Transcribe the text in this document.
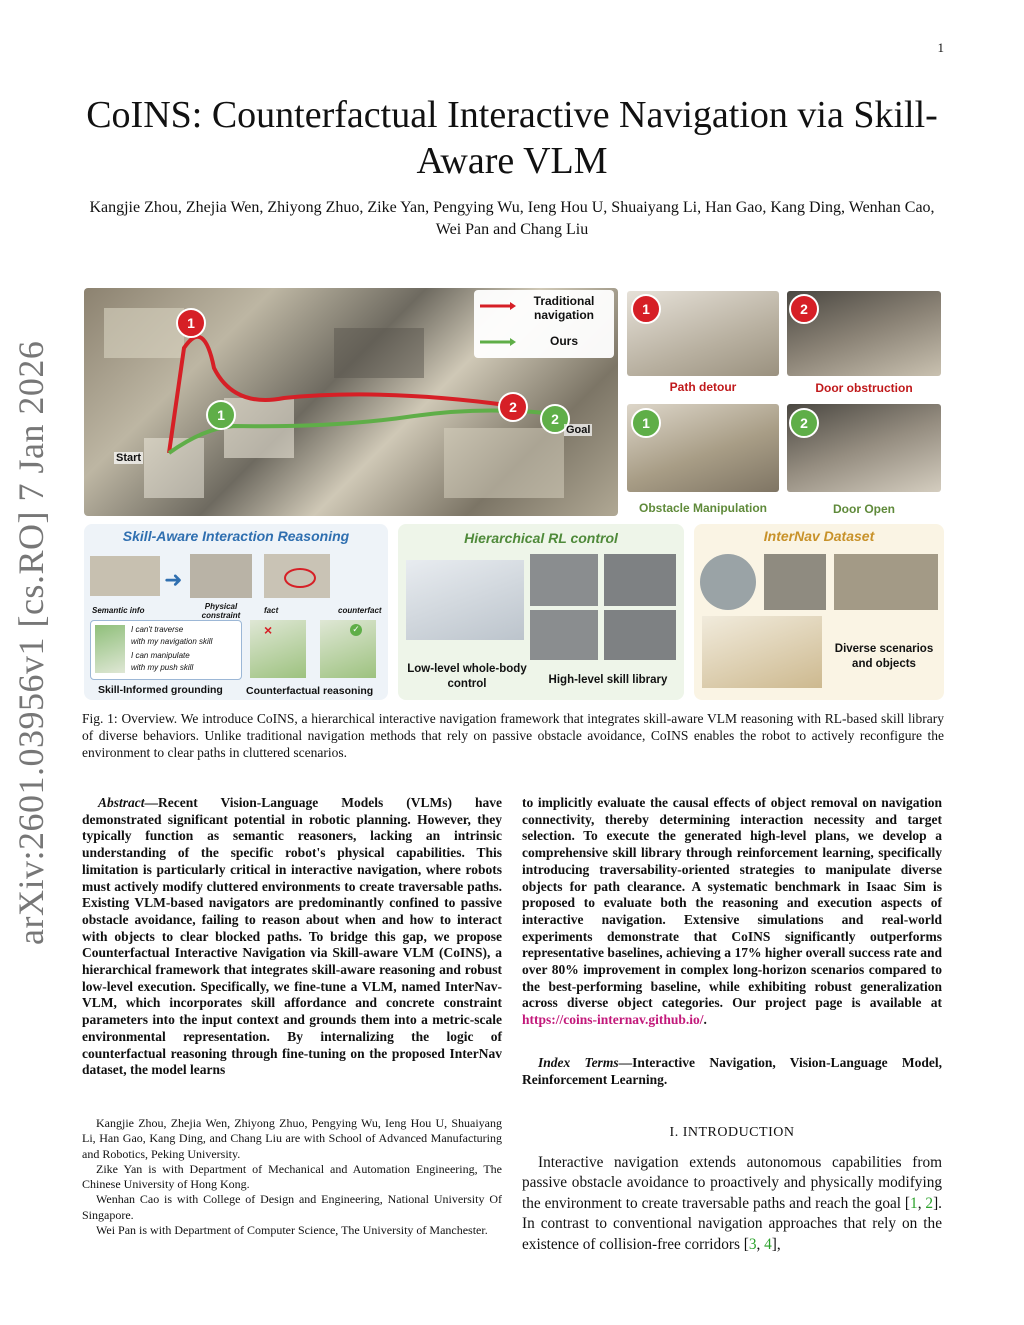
1
arXiv:2601.03956v1 [cs.RO] 7 Jan 2026
CoINS: Counterfactual Interactive Navigation via Skill-Aware VLM
Kangjie Zhou, Zhejia Wen, Zhiyong Zhuo, Zike Yan, Pengying Wu, Ieng Hou U, Shuaiyang Li, Han Gao, Kang Ding, Wenhan Cao, Wei Pan and Chang Liu
1
1	2
2
Start
Goal
Traditional navigation
Ours
1
Path detour
2
Door obstruction
1
Obstacle Manipulation
2
Door Open
Skill-Aware Interaction Reasoning
➜
Semantic info	Physical constraint
fact	counterfact
I can't traverse
with my navigation skill
I can manipulate
with my push skill
×	✓
Skill-Informed grounding Counterfactual reasoning
Hierarchical RL control
Low-level whole-body control	High-level skill library
InterNav Dataset
Diverse scenarios and objects
Fig. 1: Overview. We introduce CoINS, a hierarchical interactive navigation framework that integrates skill-aware VLM reasoning with RL-based skill library of diverse behaviors. Unlike traditional navigation methods that rely on passive obstacle avoidance, CoINS enables the robot to actively reconfigure the environment to clear paths in cluttered scenarios.
Abstract—Recent Vision-Language Models (VLMs) have demonstrated significant potential in robotic planning. However, they typically function as semantic reasoners, lacking an intrinsic understanding of the specific robot's physical capabilities. This limitation is particularly critical in interactive navigation, where robots must actively modify cluttered environments to create traversable paths. Existing VLM-based navigators are predominantly confined to passive obstacle avoidance, failing to reason about when and how to interact with objects to clear blocked paths. To bridge this gap, we propose Counterfactual Interactive Navigation via Skill-aware VLM (CoINS), a hierarchical framework that integrates skill-aware reasoning and robust low-level execution. Specifically, we fine-tune a VLM, named InterNav-VLM, which incorporates skill affordance and concrete constraint parameters into the input context and grounds them into a metric-scale environmental representation. By internalizing the logic of counterfactual reasoning through fine-tuning on the proposed InterNav dataset, the model learns
Kangjie Zhou, Zhejia Wen, Zhiyong Zhuo, Pengying Wu, Ieng Hou U, Shuaiyang Li, Han Gao, Kang Ding, and Chang Liu are with School of Advanced Manufacturing and Robotics, Peking University.
Zike Yan is with Department of Mechanical and Automation Engineering, The Chinese University of Hong Kong.
Wenhan Cao is with College of Design and Engineering, National University Of Singapore.
Wei Pan is with Department of Computer Science, The University of Manchester.
to implicitly evaluate the causal effects of object removal on navigation connectivity, thereby determining interaction necessity and target selection. To execute the generated high-level plans, we develop a comprehensive skill library through reinforcement learning, specifically introducing traversability-oriented strategies to manipulate diverse objects for path clearance. A systematic benchmark in Isaac Sim is proposed to evaluate both the reasoning and execution aspects of interactive navigation. Extensive simulations and real-world experiments demonstrate that CoINS significantly outperforms representative baselines, achieving a 17% higher overall success rate and over 80% improvement in complex long-horizon scenarios compared to the best-performing baseline, while exhibiting robust generalization across diverse object categories. Our project page is available at https://coins-internav.github.io/.
Index Terms—Interactive Navigation, Vision-Language Model, Reinforcement Learning.
I. INTRODUCTION
Interactive navigation extends autonomous capabilities from passive obstacle avoidance to proactively and physically modifying the environment to create traversable paths and reach the goal [1, 2]. In contrast to conventional navigation approaches that rely on the existence of collision-free corridors [3, 4],
